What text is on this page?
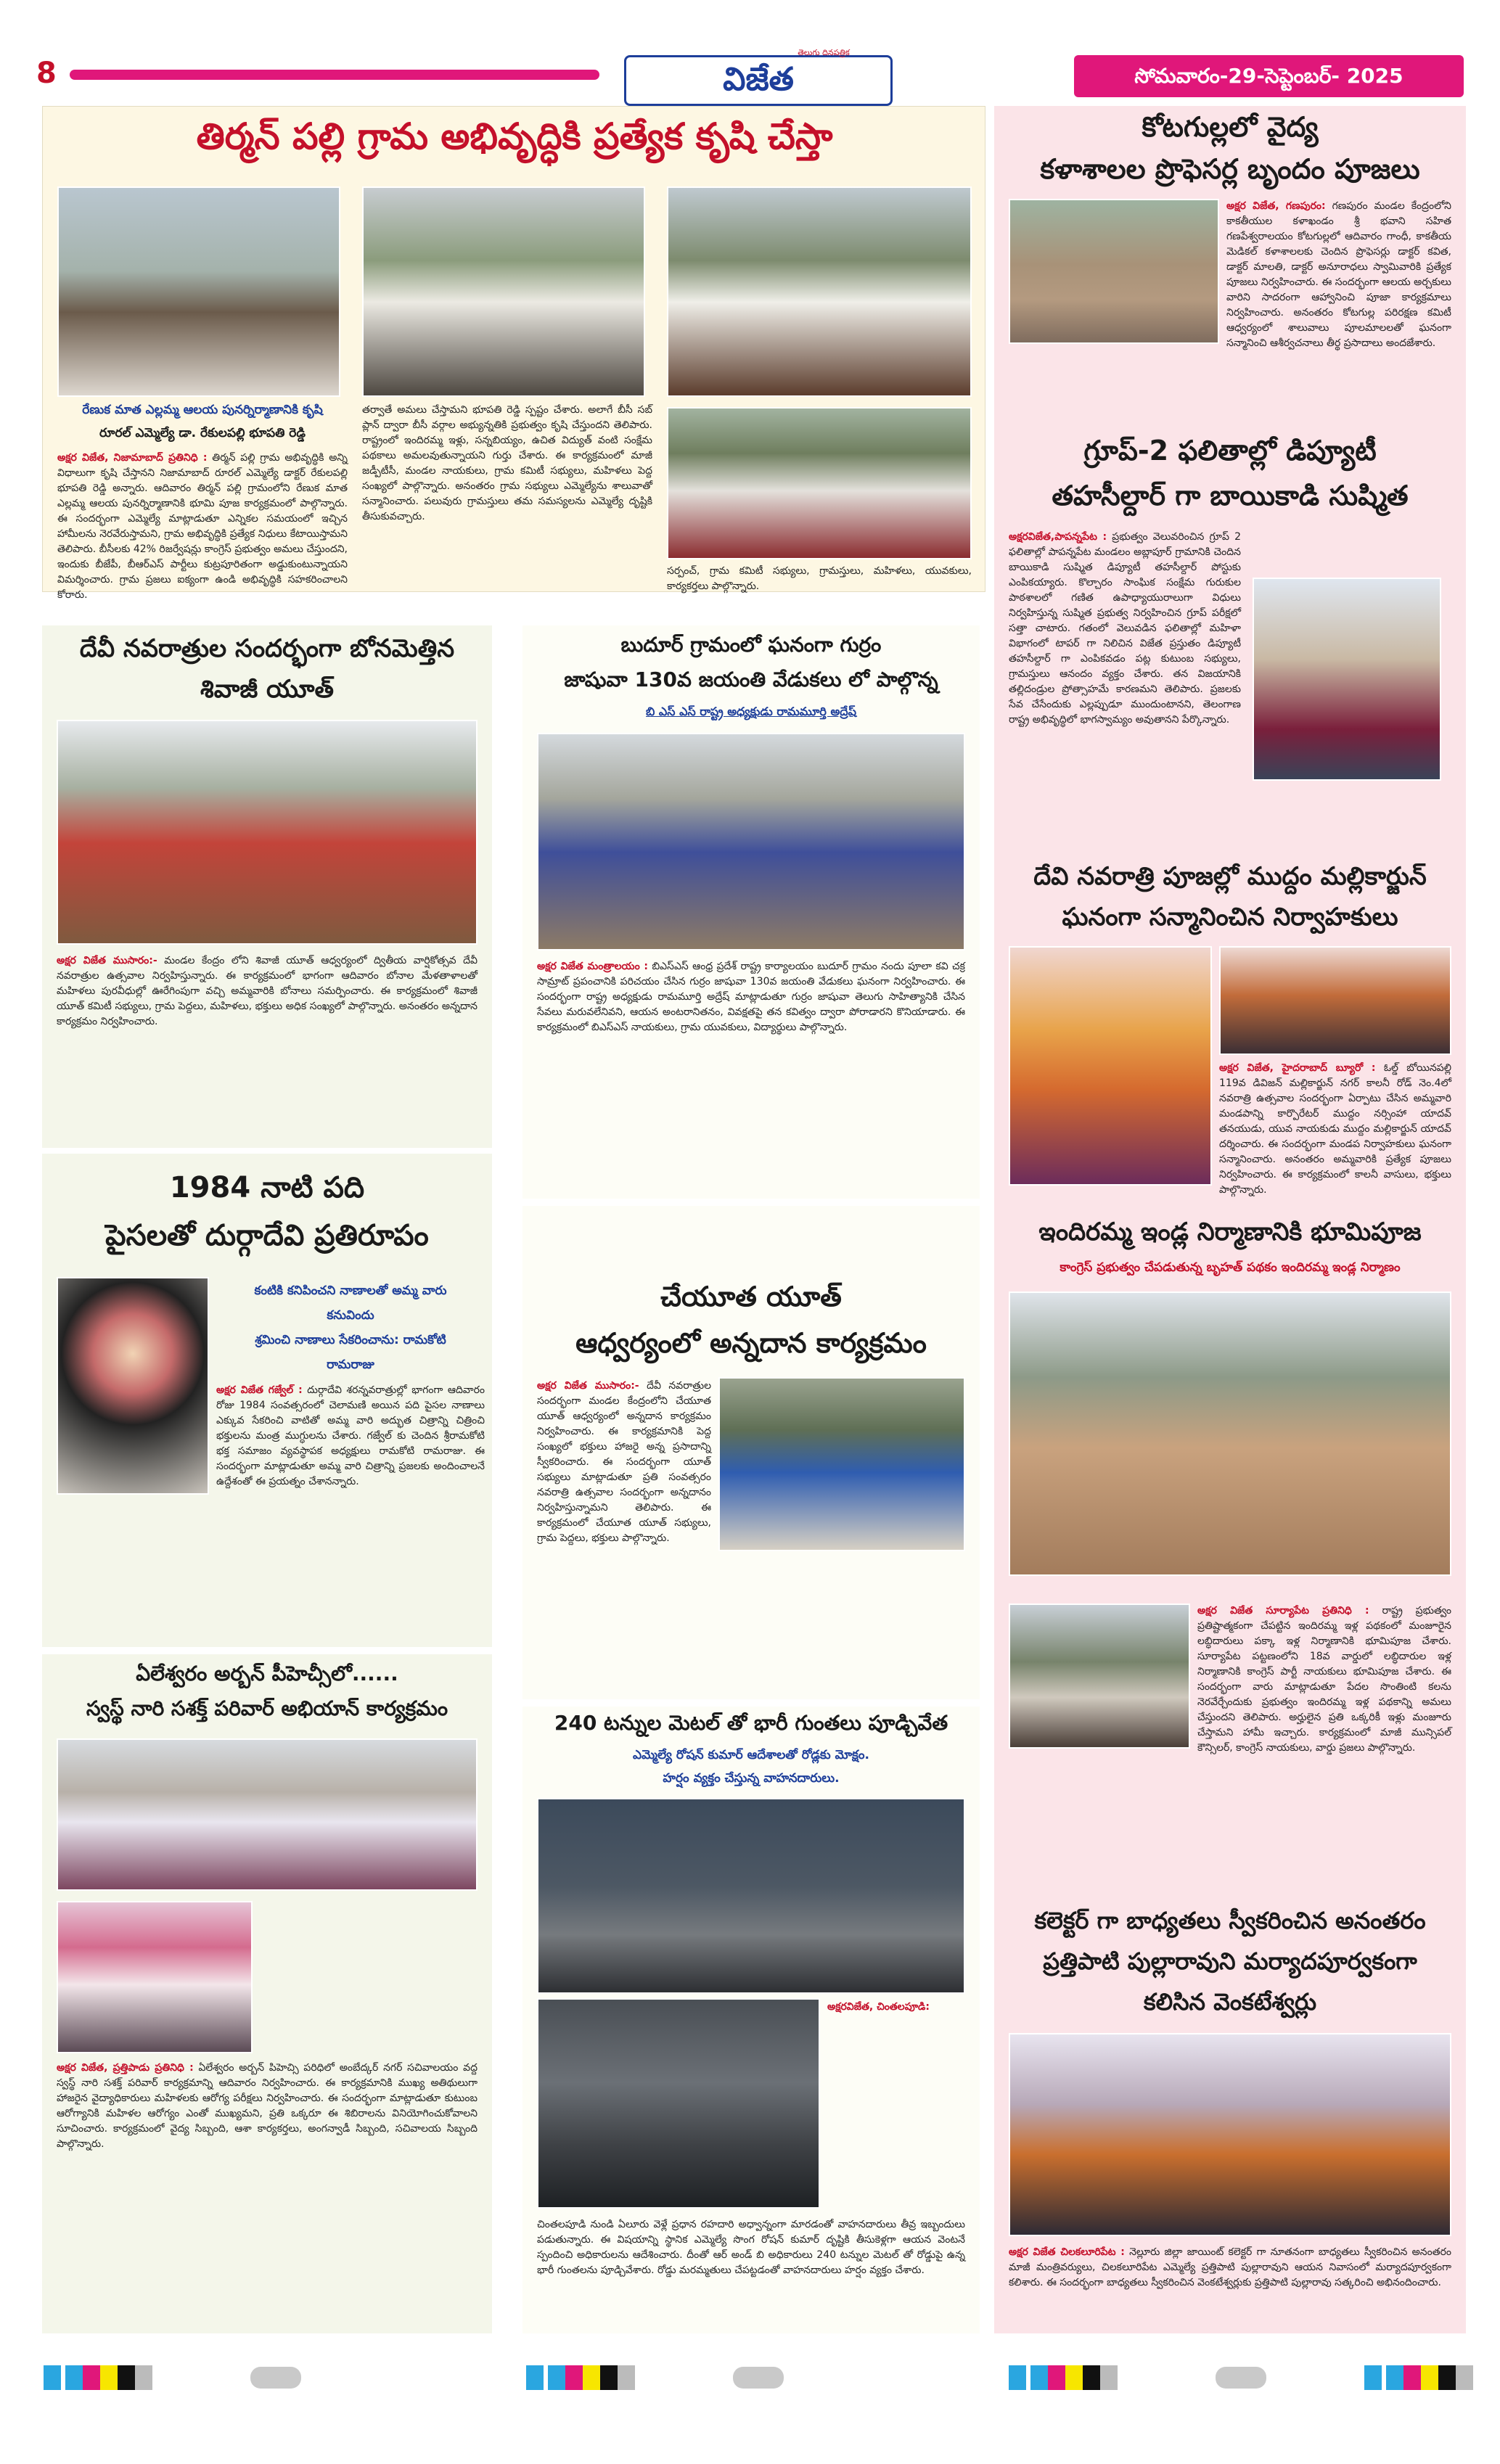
8	విజేత
తెలుగు దినపత్రిక
సోమవారం-29-సెప్టెంబర్- 2025
తిర్మన్ పల్లి గ్రామ అభివృద్ధికి ప్రత్యేక కృషి చేస్తా
రేణుక మాత ఎల్లమ్మ ఆలయ పునర్నిర్మాణానికి కృషి
రూరల్ ఎమ్మెల్యే డా. రేకులపల్లి భూపతి రెడ్డి
అక్షర విజేత, నిజామాబాద్ ప్రతినిధి : తిర్మన్ పల్లి గ్రామ అభివృద్ధికి అన్ని విధాలుగా కృషి చేస్తానని నిజామాబాద్ రూరల్ ఎమ్మెల్యే డాక్టర్ రేకులపల్లి భూపతి రెడ్డి అన్నారు. ఆదివారం తిర్మన్ పల్లి గ్రామంలోని రేణుక మాత ఎల్లమ్మ ఆలయ పునర్నిర్మాణానికి భూమి పూజ కార్యక్రమంలో పాల్గొన్నారు. ఈ సందర్భంగా ఎమ్మెల్యే మాట్లాడుతూ ఎన్నికల సమయంలో ఇచ్చిన హామీలను నెరవేరుస్తామని, గ్రామ అభివృద్ధికి ప్రత్యేక నిధులు కేటాయిస్తామని తెలిపారు. బీసీలకు 42% రిజర్వేషన్లు కాంగ్రెస్ ప్రభుత్వం అమలు చేస్తుందని, ఇందుకు బీజేపీ, బీఆర్ఎస్ పార్టీలు కుట్రపూరితంగా అడ్డుకుంటున్నాయని విమర్శించారు. గ్రామ ప్రజలు ఐక్యంగా ఉండి అభివృద్ధికి సహకరించాలని కోరారు.
తర్వాతే అమలు చేస్తామని భూపతి రెడ్డి స్పష్టం చేశారు. అలాగే బీసీ సబ్ ప్లాన్ ద్వారా బీసీ వర్గాల అభ్యున్నతికి ప్రభుత్వం కృషి చేస్తుందని తెలిపారు. రాష్ట్రంలో ఇందిరమ్మ ఇళ్లు, సన్నబియ్యం, ఉచిత విద్యుత్ వంటి సంక్షేమ పథకాలు అమలవుతున్నాయని గుర్తు చేశారు. ఈ కార్యక్రమంలో మాజీ జడ్పీటీసీ, మండల నాయకులు, గ్రామ కమిటీ సభ్యులు, మహిళలు పెద్ద సంఖ్యలో పాల్గొన్నారు. అనంతరం గ్రామ సభ్యులు ఎమ్మెల్యేను శాలువాతో సన్మానించారు. పలువురు గ్రామస్తులు తమ సమస్యలను ఎమ్మెల్యే దృష్టికి తీసుకువచ్చారు.
సర్పంచ్, గ్రామ కమిటీ సభ్యులు, గ్రామస్తులు, మహిళలు, యువకులు, కార్యకర్తలు పాల్గొన్నారు.
కోటగుల్లలో వైద్య
కళాశాలల ప్రొఫెసర్ల బృందం పూజలు
అక్షర విజేత, గణపురం: గణపురం మండల కేంద్రంలోని కాకతీయుల కళాఖండం శ్రీ భవాని సహిత గణపేశ్వరాలయం కోటగుల్లలో ఆదివారం గాంధీ, కాకతీయ మెడికల్ కళాశాలలకు చెందిన ప్రొఫెసర్లు డాక్టర్ కవిత, డాక్టర్ మాలతి, డాక్టర్ అనూరాధలు స్వామివారికి ప్రత్యేక పూజలు నిర్వహించారు. ఈ సందర్భంగా ఆలయ అర్చకులు వారిని సాదరంగా ఆహ్వానించి పూజా కార్యక్రమాలు నిర్వహించారు. అనంతరం కోటగుల్ల పరిరక్షణ కమిటీ ఆధ్వర్యంలో శాలువాలు పూలమాలలతో ఘనంగా సన్మానించి ఆశీర్వచనాలు తీర్థ ప్రసాదాలు అందజేశారు.
గ్రూప్-2 ఫలితాల్లో డిప్యూటీ
తహసీల్దార్ గా బాయికాడి సుష్మిత
అక్షరవిజేత,పాపన్నపేట : ప్రభుత్వం వెలువరించిన గ్రూప్ 2 ఫలితాల్లో పాపన్నపేట మండలం అబ్లాపూర్ గ్రామానికి చెందిన బాయికాడి సుష్మిత డిప్యూటీ తహసీల్దార్ పోస్టుకు ఎంపికయ్యారు. కొల్చారం సాంఘిక సంక్షేమ గురుకుల పాఠశాలలో గణిత ఉపాధ్యాయురాలుగా విధులు నిర్వహిస్తున్న సుష్మిత ప్రభుత్వ నిర్వహించిన గ్రూప్ పరీక్షలో సత్తా చాటారు. గతంలో వెలువడిన ఫలితాల్లో మహిళా విభాగంలో టాపర్ గా నిలిచిన విజేత ప్రస్తుతం డిప్యూటీ తహసీల్దార్ గా ఎంపికవడం పట్ల కుటుంబ సభ్యులు, గ్రామస్తులు ఆనందం వ్యక్తం చేశారు. తన విజయానికి తల్లిదండ్రుల ప్రోత్సాహమే కారణమని తెలిపారు. ప్రజలకు సేవ చేసేందుకు ఎల్లప్పుడూ ముందుంటానని, తెలంగాణ రాష్ట్ర అభివృద్ధిలో భాగస్వామ్యం అవుతానని పేర్కొన్నారు.
దేవి నవరాత్రి పూజల్లో ముద్దం మల్లికార్జున్
ఘనంగా సన్మానించిన నిర్వాహకులు
అక్షర విజేత, హైదరాబాద్ బ్యూరో : ఓల్డ్ బోయినపల్లి 119వ డివిజన్ మల్లికార్జున్ నగర్ కాలనీ రోడ్ నెం.4లో నవరాత్రి ఉత్సవాల సందర్భంగా ఏర్పాటు చేసిన అమ్మవారి మండపాన్ని కార్పొరేటర్ ముద్దం నర్సింహా యాదవ్ తనయుడు, యువ నాయకుడు ముద్దం మల్లికార్జున్ యాదవ్ దర్శించారు. ఈ సందర్భంగా మండప నిర్వాహకులు ఘనంగా సన్మానించారు. అనంతరం అమ్మవారికి ప్రత్యేక పూజలు నిర్వహించారు. ఈ కార్యక్రమంలో కాలనీ వాసులు, భక్తులు పాల్గొన్నారు.
ఇందిరమ్మ ఇండ్ల నిర్మాణానికి భూమిపూజ
కాంగ్రెస్ ప్రభుత్వం చేపడుతున్న బృహత్ పథకం ఇందిరమ్మ ఇండ్ల నిర్మాణం
అక్షర విజేత సూర్యాపేట ప్రతినిధి : రాష్ట్ర ప్రభుత్వం ప్రతిష్టాత్మకంగా చేపట్టిన ఇందిరమ్మ ఇళ్ల పథకంలో మంజూరైన లబ్ధిదారులు పక్కా ఇళ్ల నిర్మాణానికి భూమిపూజ చేశారు. సూర్యాపేట పట్టణంలోని 18వ వార్డులో లబ్ధిదారుల ఇళ్ల నిర్మాణానికి కాంగ్రెస్ పార్టీ నాయకులు భూమిపూజ చేశారు. ఈ సందర్భంగా వారు మాట్లాడుతూ పేదల సొంతింటి కలను నెరవేర్చేందుకు ప్రభుత్వం ఇందిరమ్మ ఇళ్ల పథకాన్ని అమలు చేస్తుందని తెలిపారు. అర్హులైన ప్రతి ఒక్కరికీ ఇళ్లు మంజూరు చేస్తామని హామీ ఇచ్చారు. కార్యక్రమంలో మాజీ మున్సిపల్ కౌన్సిలర్, కాంగ్రెస్ నాయకులు, వార్డు ప్రజలు పాల్గొన్నారు.
కలెక్టర్ గా బాధ్యతలు స్వీకరించిన అనంతరం
ప్రత్తిపాటి పుల్లారావుని మర్యాదపూర్వకంగా
కలిసిన వెంకటేశ్వర్లు
అక్షర విజేత చిలకలూరిపేట : నెల్లూరు జిల్లా జాయింట్ కలెక్టర్ గా నూతనంగా బాధ్యతలు స్వీకరించిన అనంతరం మాజీ మంత్రివర్యులు, చిలకలూరిపేట ఎమ్మెల్యే ప్రత్తిపాటి పుల్లారావుని ఆయన నివాసంలో మర్యాదపూర్వకంగా కలిశారు. ఈ సందర్భంగా బాధ్యతలు స్వీకరించిన వెంకటేశ్వర్లుకు ప్రత్తిపాటి పుల్లారావు సత్కరించి అభినందించారు.
దేవీ నవరాత్రుల సందర్భంగా బోనమెత్తిన
శివాజీ యూత్
అక్షర విజేత ముసారం:- మండల కేంద్రం లోని శివాజీ యూత్ ఆధ్వర్యంలో ద్వితీయ వార్షికోత్సవ దేవీ నవరాత్రుల ఉత్సవాల నిర్వహిస్తున్నారు. ఈ కార్యక్రమంలో భాగంగా ఆదివారం బోనాల మేళతాళాలతో మహిళలు పురవీధుల్లో ఊరేగింపుగా వచ్చి అమ్మవారికి బోనాలు సమర్పించారు. ఈ కార్యక్రమంలో శివాజీ యూత్ కమిటీ సభ్యులు, గ్రామ పెద్దలు, మహిళలు, భక్తులు అధిక సంఖ్యలో పాల్గొన్నారు. అనంతరం అన్నదాన కార్యక్రమం నిర్వహించారు.
1984 నాటి పది
పైసలతో దుర్గాదేవి ప్రతిరూపం
కంటికి కనిపించని నాణాలతో అమ్మ వారు
కనువిందు
శ్రమించి నాణాలు సేకరించాను: రామకోటి
రామరాజు
అక్షర విజేత గజ్వేల్ : దుర్గాదేవి శరన్నవరాత్రుల్లో భాగంగా ఆదివారం రోజు 1984 సంవత్సరంలో చెలామణి అయిన పది పైసల నాణాలు ఎక్కువ సేకరించి వాటితో అమ్మ వారి అద్భుత చిత్రాన్ని చిత్రించి భక్తులను మంత్ర ముగ్ధులను చేశారు. గజ్వేల్ కు చెందిన శ్రీరామకోటి భక్త సమాజం వ్యవస్థాపక అధ్యక్షులు రామకోటి రామరాజు. ఈ సందర్భంగా మాట్లాడుతూ అమ్మ వారి చిత్రాన్ని ప్రజలకు అందించాలనే ఉద్దేశంతో ఈ ప్రయత్నం చేశానన్నారు.
ఏలేశ్వరం అర్బన్ పీహెచ్సీలో......
స్వస్థ్ నారి సశక్త్ పరివార్ అభియాన్ కార్యక్రమం
అక్షర విజేత, ప్రత్తిపాడు ప్రతినిధి : ఏలేశ్వరం అర్బన్ పిహెచ్సి పరిధిలో అంబేద్కర్ నగర్ సచివాలయం వద్ద స్వస్థ్ నారి సశక్త్ పరివార్ కార్యక్రమాన్ని ఆదివారం నిర్వహించారు. ఈ కార్యక్రమానికి ముఖ్య అతిథులుగా హాజరైన వైద్యాధికారులు మహిళలకు ఆరోగ్య పరీక్షలు నిర్వహించారు. ఈ సందర్భంగా మాట్లాడుతూ కుటుంబ ఆరోగ్యానికి మహిళల ఆరోగ్యం ఎంతో ముఖ్యమని, ప్రతి ఒక్కరూ ఈ శిబిరాలను వినియోగించుకోవాలని సూచించారు. కార్యక్రమంలో వైద్య సిబ్బంది, ఆశా కార్యకర్తలు, అంగన్వాడీ సిబ్బంది, సచివాలయ సిబ్బంది పాల్గొన్నారు.
బుదూర్ గ్రామంలో ఘనంగా గుర్రం
జాషువా 130వ జయంతి వేడుకలు లో పాల్గొన్న
బి ఎస్ ఎస్ రాష్ట్ర అధ్యక్షుడు రామమూర్తి అద్రేష్
అక్షర విజేత మంత్రాలయం : బిఎస్ఎస్ ఆంధ్ర ప్రదేశ్ రాష్ట్ర కార్యాలయం బుదూర్ గ్రామం నందు పూలా కవి చక్ర సామ్రాట్ ప్రపంచానికి పరిచయం చేసిన గుర్రం జాషువా 130వ జయంతి వేడుకలు ఘనంగా నిర్వహించారు. ఈ సందర్భంగా రాష్ట్ర అధ్యక్షుడు రామమూర్తి అద్రేష్ మాట్లాడుతూ గుర్రం జాషువా తెలుగు సాహిత్యానికి చేసిన సేవలు మరువలేనివని, ఆయన అంటరానితనం, వివక్షతపై తన కవిత్వం ద్వారా పోరాడారని కొనియాడారు. ఈ కార్యక్రమంలో బిఎస్ఎస్ నాయకులు, గ్రామ యువకులు, విద్యార్థులు పాల్గొన్నారు.
చేయూత యూత్
ఆధ్వర్యంలో అన్నదాన కార్యక్రమం
అక్షర విజేత ముసారం:- దేవీ నవరాత్రుల సందర్భంగా మండల కేంద్రంలోని చేయూత యూత్ ఆధ్వర్యంలో అన్నదాన కార్యక్రమం నిర్వహించారు. ఈ కార్యక్రమానికి పెద్ద సంఖ్యలో భక్తులు హాజరై అన్న ప్రసాదాన్ని స్వీకరించారు. ఈ సందర్భంగా యూత్ సభ్యులు మాట్లాడుతూ ప్రతి సంవత్సరం నవరాత్రి ఉత్సవాల సందర్భంగా అన్నదానం నిర్వహిస్తున్నామని తెలిపారు. ఈ కార్యక్రమంలో చేయూత యూత్ సభ్యులు, గ్రామ పెద్దలు, భక్తులు పాల్గొన్నారు.
240 టన్నుల మెటల్ తో భారీ గుంతలు పూడ్చివేత
ఎమ్మెల్యే రోషన్ కుమార్ ఆదేశాలతో రోడ్లకు మోక్షం.
హర్షం వ్యక్తం చేస్తున్న వాహనదారులు.
అక్షరవిజేత, చింతలపూడి:
చింతలపూడి నుండి ఏలూరు వెళ్లే ప్రధాన రహదారి అధ్వాన్నంగా మారడంతో వాహనదారులు తీవ్ర ఇబ్బందులు పడుతున్నారు. ఈ విషయాన్ని స్థానిక ఎమ్మెల్యే సొంగ రోషన్ కుమార్ దృష్టికి తీసుకెళ్లగా ఆయన వెంటనే స్పందించి అధికారులను ఆదేశించారు. దీంతో ఆర్ అండ్ బి అధికారులు 240 టన్నుల మెటల్ తో రోడ్డుపై ఉన్న భారీ గుంతలను పూడ్చివేశారు. రోడ్డు మరమ్మతులు చేపట్టడంతో వాహనదారులు హర్షం వ్యక్తం చేశారు.
